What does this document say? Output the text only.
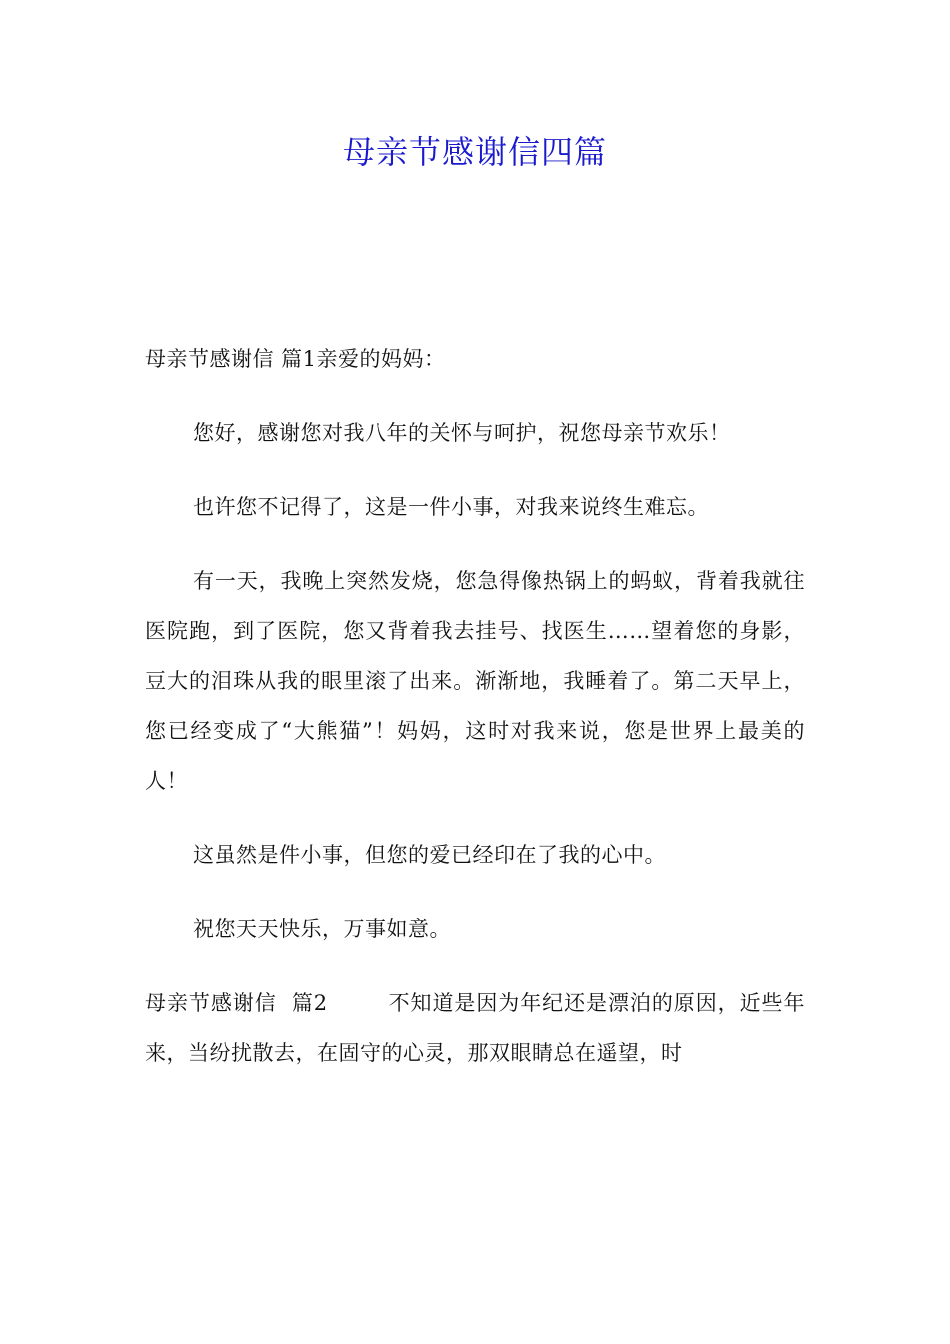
母亲节感谢信四篇

母亲节感谢信 篇1亲爱的妈妈：

您好，感谢您对我八年的关怀与呵护，祝您母亲节欢乐！

也许您不记得了，这是一件小事，对我来说终生难忘。

有一天，我晚上突然发烧，您急得像热锅上的蚂蚁，背着我就往医院跑，到了医院，您又背着我去挂号、找医生……望着您的身影，豆大的泪珠从我的眼里滚了出来。渐渐地，我睡着了。第二天早上，您已经变成了“大熊猫”！妈妈，这时对我来说，您是世界上最美的人！

这虽然是件小事，但您的爱已经印在了我的心中。

祝您天天快乐，万事如意。

母亲节感谢信  篇2        不知道是因为年纪还是漂泊的原因，近些年来，当纷扰散去，在固守的心灵，那双眼睛总在遥望，时
